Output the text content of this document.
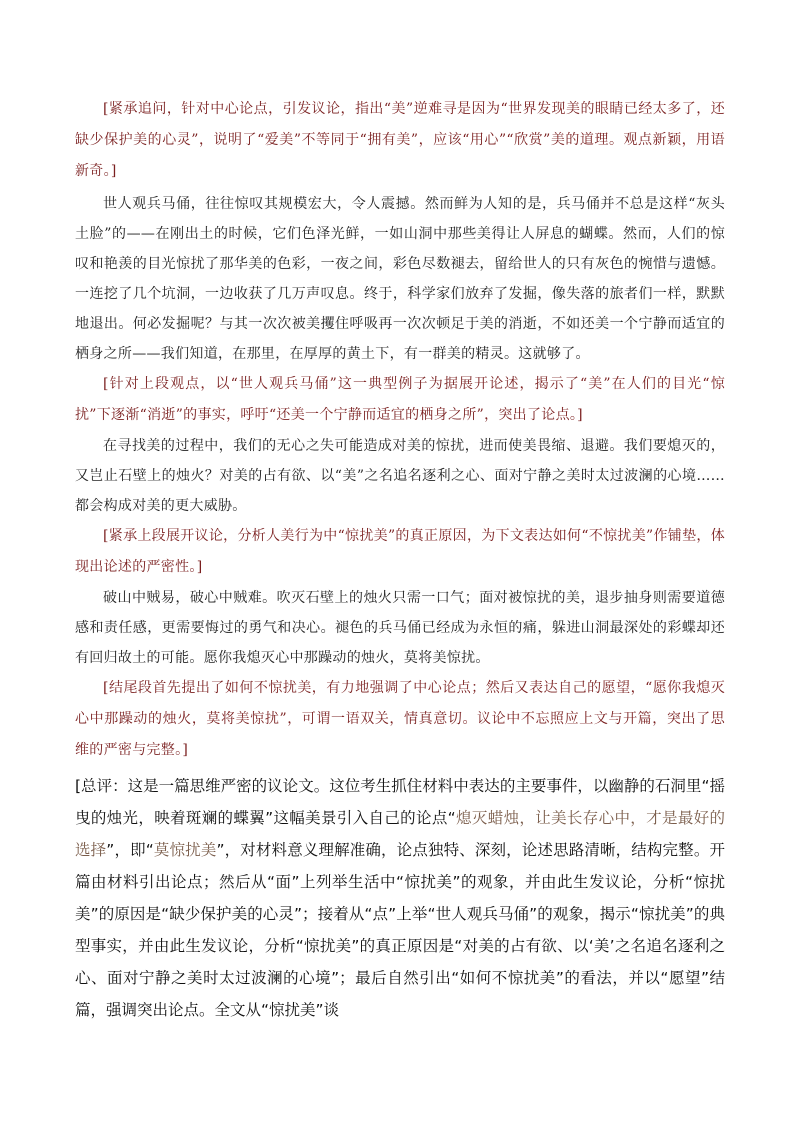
[紧承追问，针对中心论点，引发议论，指出“美”逆难寻是因为“世界发现美的眼睛已经太多了，还缺少保护美的心灵”，说明了“爱美”不等同于“拥有美”，应该“用心”“欣赏”美的道理。观点新颖，用语新奇。]

世人观兵马俑，往往惊叹其规模宏大，令人震撼。然而鲜为人知的是，兵马俑并不总是这样“灰头土脸”的——在刚出土的时候，它们色泽光鲜，一如山洞中那些美得让人屏息的蝴蝶。然而，人们的惊叹和艳羡的目光惊扰了那华美的色彩，一夜之间，彩色尽数褪去，留给世人的只有灰色的惋惜与遗憾。一连挖了几个坑洞，一边收获了几万声叹息。终于，科学家们放弃了发掘，像失落的旅者们一样，默默地退出。何必发掘呢？与其一次次被美攫住呼吸再一次次顿足于美的消逝，不如还美一个宁静而适宜的栖身之所——我们知道，在那里，在厚厚的黄土下，有一群美的精灵。这就够了。

[针对上段观点，以“世人观兵马俑”这一典型例子为据展开论述，揭示了“美”在人们的目光“惊扰”下逐渐“消逝”的事实，呼吁“还美一个宁静而适宜的栖身之所”，突出了论点。]

在寻找美的过程中，我们的无心之失可能造成对美的惊扰，进而使美畏缩、退避。我们要熄灭的，又岂止石壁上的烛火？对美的占有欲、以“美”之名追名逐利之心、面对宁静之美时太过波澜的心境……都会构成对美的更大威胁。

[紧承上段展开议论，分析人美行为中“惊扰美”的真正原因，为下文表达如何“不惊扰美”作铺垫，体现出论述的严密性。]

破山中贼易，破心中贼难。吹灭石壁上的烛火只需一口气；面对被惊扰的美，退步抽身则需要道德感和责任感，更需要悔过的勇气和决心。褪色的兵马俑已经成为永恒的痛，躲进山洞最深处的彩蝶却还有回归故土的可能。愿你我熄灭心中那躁动的烛火，莫将美惊扰。

[结尾段首先提出了如何不惊扰美，有力地强调了中心论点；然后又表达自己的愿望，“愿你我熄灭心中那躁动的烛火，莫将美惊扰”，可谓一语双关，情真意切。议论中不忘照应上文与开篇，突出了思维的严密与完整。]

[总评：这是一篇思维严密的议论文。这位考生抓住材料中表达的主要事件，以幽静的石洞里“摇曳的烛光，映着斑斓的蝶翼”这幅美景引入自己的论点“熄灭蜡烛，让美长存心中，才是最好的选择”，即“莫惊扰美”，对材料意义理解准确，论点独特、深刻，论述思路清晰，结构完整。开篇由材料引出论点；然后从“面”上列举生活中“惊扰美”的观象，并由此生发议论，分析“惊扰美”的原因是“缺少保护美的心灵”；接着从“点”上举“世人观兵马俑”的观象，揭示“惊扰美”的典型事实，并由此生发议论，分析“惊扰美”的真正原因是“对美的占有欲、以‘美’之名追名逐利之心、面对宁静之美时太过波澜的心境”；最后自然引出“如何不惊扰美”的看法，并以“愿望”结篇，强调突出论点。全文从“惊扰美”谈
